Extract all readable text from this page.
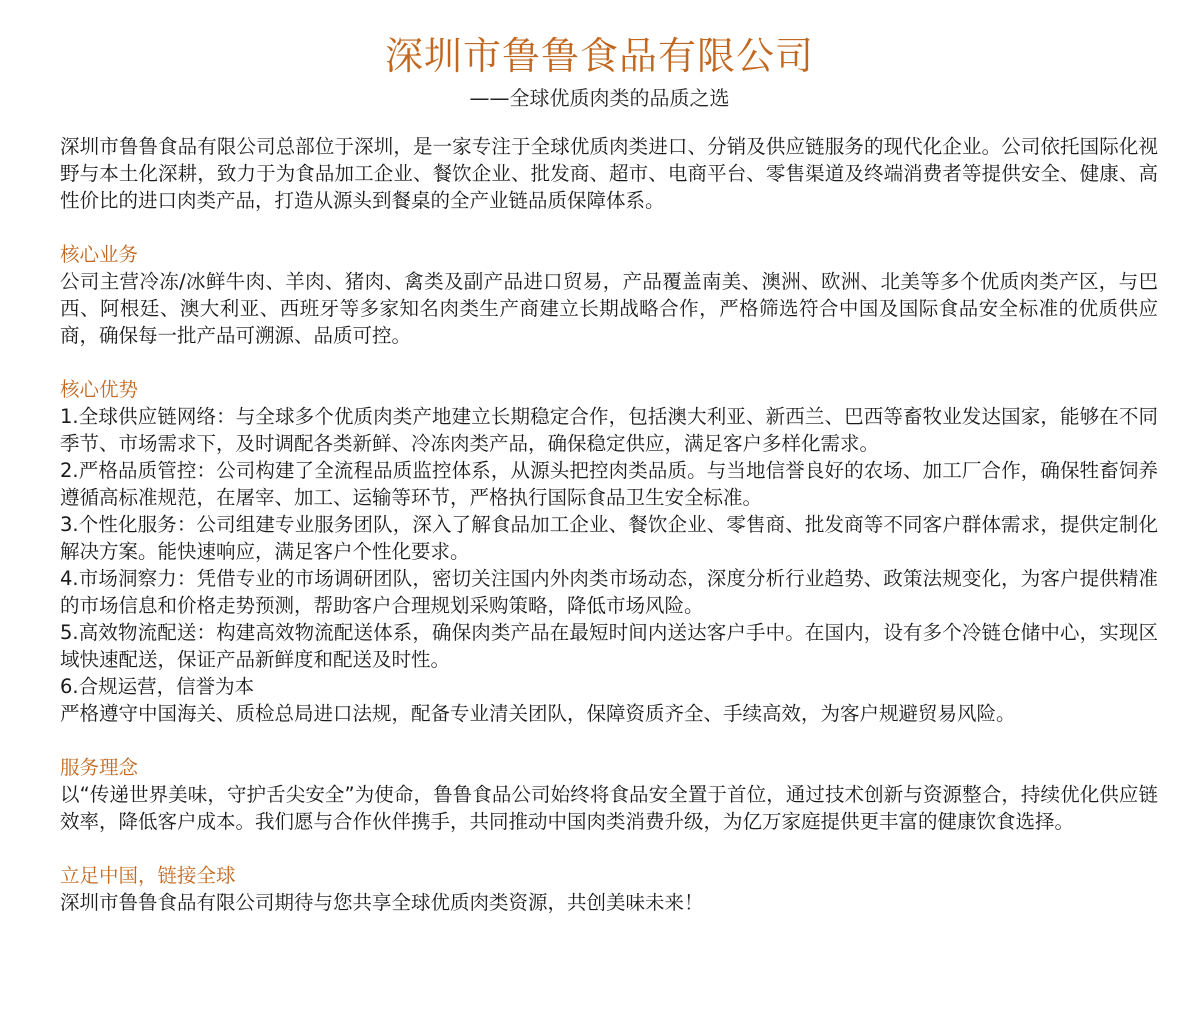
深圳市鲁鲁食品有限公司
——全球优质肉类的品质之选

深圳市鲁鲁食品有限公司总部位于深圳，是一家专注于全球优质肉类进口、分销及供应链服务的现代化企业。公司依托国际化视野与本土化深耕，致力于为食品加工企业、餐饮企业、批发商、超市、电商平台、零售渠道及终端消费者等提供安全、健康、高性价比的进口肉类产品，打造从源头到餐桌的全产业链品质保障体系。

核心业务

公司主营冷冻/冰鲜牛肉、羊肉、猪肉、禽类及副产品进口贸易，产品覆盖南美、澳洲、欧洲、北美等多个优质肉类产区，与巴西、阿根廷、澳大利亚、西班牙等多家知名肉类生产商建立长期战略合作，严格筛选符合中国及国际食品安全标准的优质供应商，确保每一批产品可溯源、品质可控。

核心优势

1.全球供应链网络：与全球多个优质肉类产地建立长期稳定合作，包括澳大利亚、新西兰、巴西等畜牧业发达国家，能够在不同季节、市场需求下，及时调配各类新鲜、冷冻肉类产品，确保稳定供应，满足客户多样化需求。

2.严格品质管控：公司构建了全流程品质监控体系，从源头把控肉类品质。与当地信誉良好的农场、加工厂合作，确保牲畜饲养遵循高标准规范，在屠宰、加工、运输等环节，严格执行国际食品卫生安全标准。

3.个性化服务：公司组建专业服务团队，深入了解食品加工企业、餐饮企业、零售商、批发商等不同客户群体需求，提供定制化解决方案。能快速响应，满足客户个性化要求。

4.市场洞察力：凭借专业的市场调研团队，密切关注国内外肉类市场动态，深度分析行业趋势、政策法规变化，为客户提供精准的市场信息和价格走势预测，帮助客户合理规划采购策略，降低市场风险。

5.高效物流配送：构建高效物流配送体系，确保肉类产品在最短时间内送达客户手中。在国内，设有多个冷链仓储中心，实现区域快速配送，保证产品新鲜度和配送及时性。

6.合规运营，信誉为本

严格遵守中国海关、质检总局进口法规，配备专业清关团队，保障资质齐全、手续高效，为客户规避贸易风险。

服务理念

以“传递世界美味，守护舌尖安全”为使命，鲁鲁食品公司始终将食品安全置于首位，通过技术创新与资源整合，持续优化供应链效率，降低客户成本。我们愿与合作伙伴携手，共同推动中国肉类消费升级，为亿万家庭提供更丰富的健康饮食选择。

立足中国，链接全球

深圳市鲁鲁食品有限公司期待与您共享全球优质肉类资源，共创美味未来！
